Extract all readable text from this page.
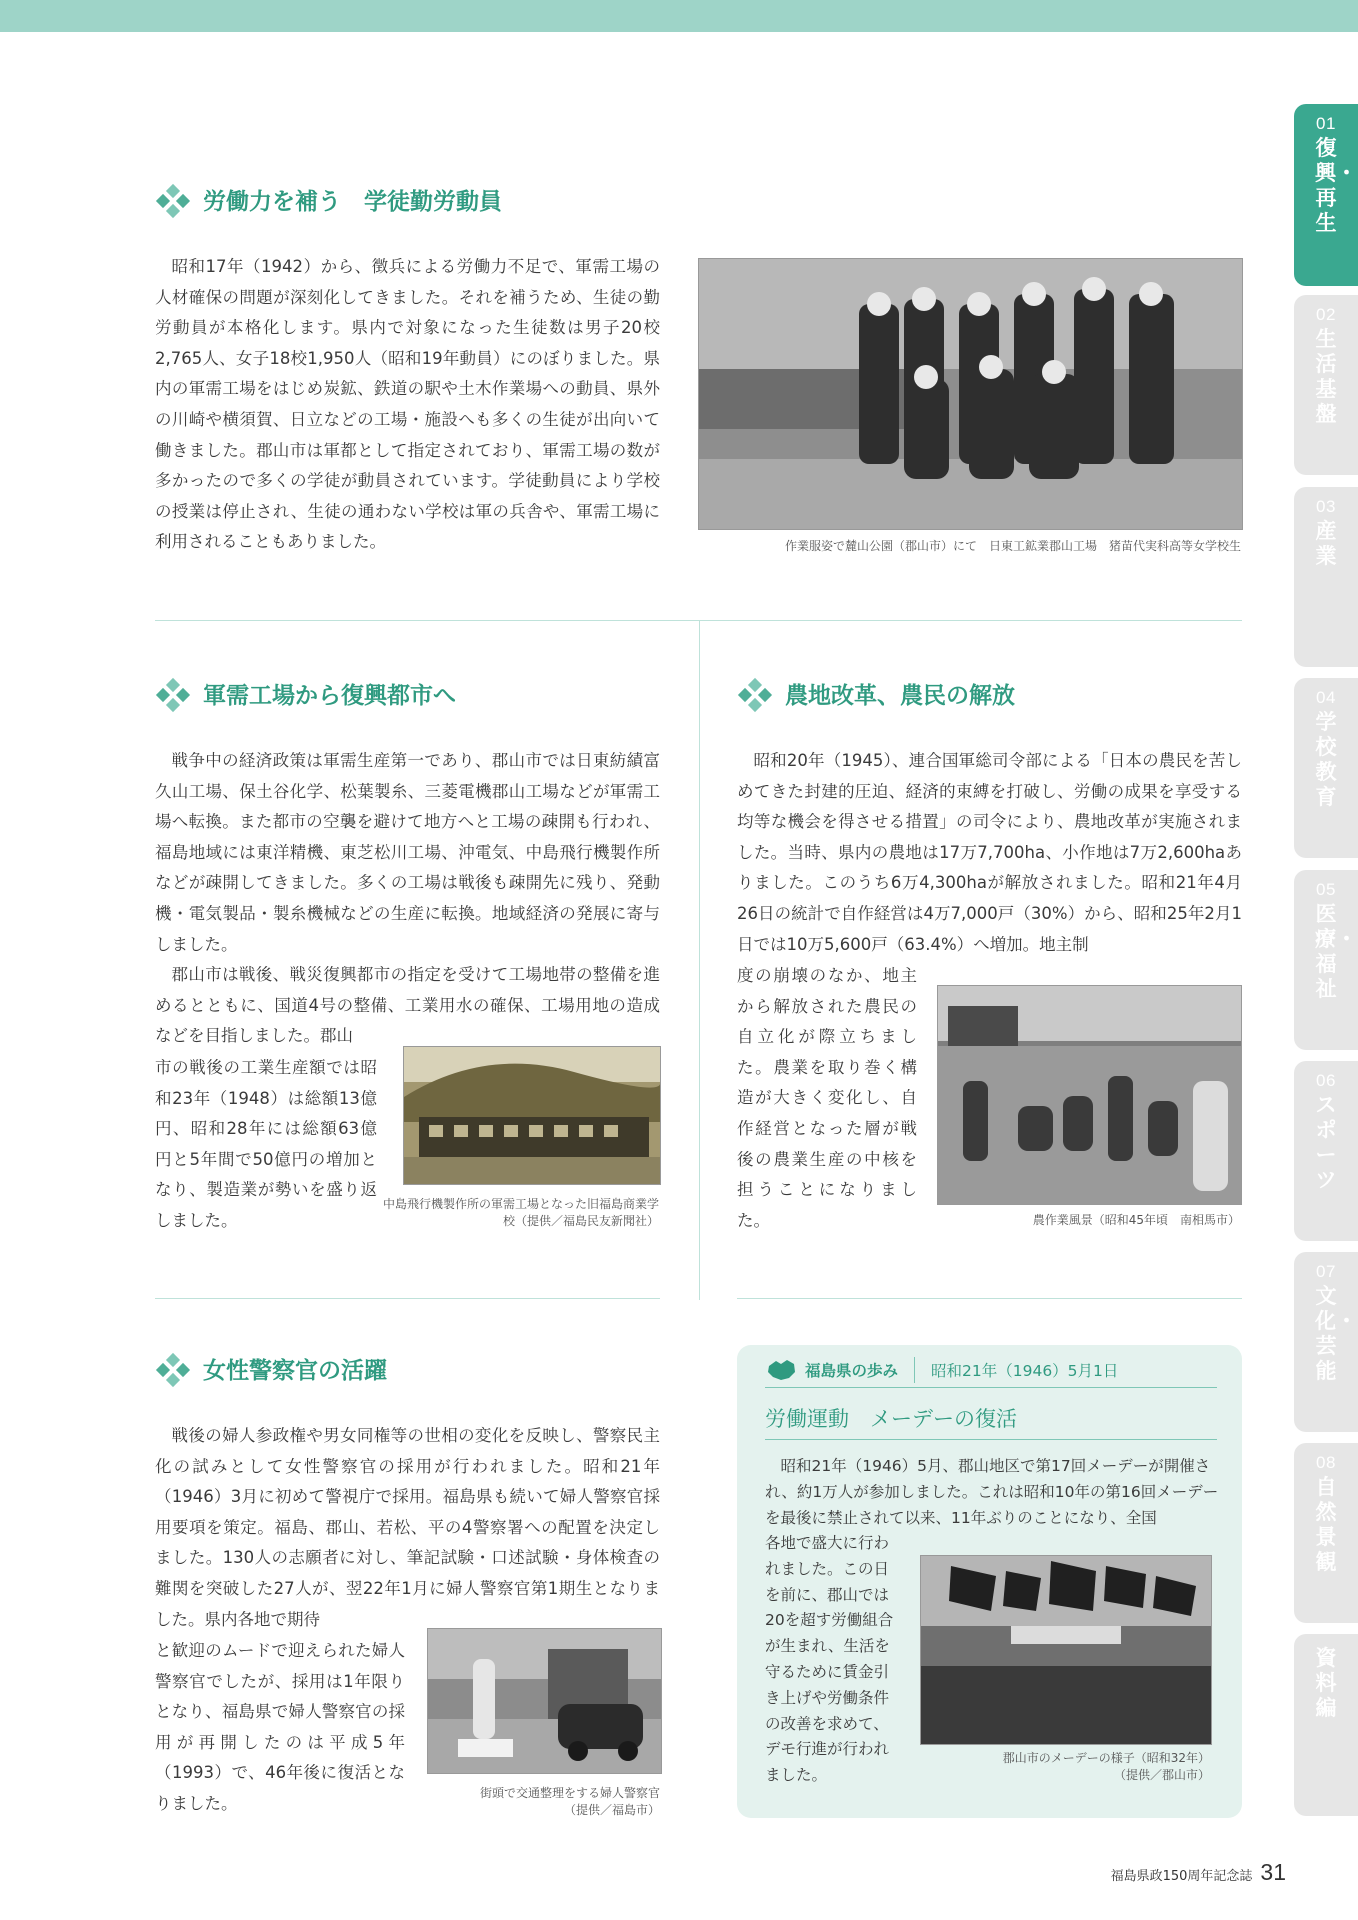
01
復興・再生
02
生活基盤
03
産　業
04
学校教育
05
医療・福祉
06
スポーツ
07
文化・芸能
08
自然景観
資料編
労働力を補う　学徒勤労動員

昭和17年（1942）から、徴兵による労働力不足で、軍需工場の人材確保の問題が深刻化してきました。それを補うため、生徒の勤労動員が本格化します。県内で対象になった生徒数は男子20校2,765人、女子18校1,950人（昭和19年動員）にのぼりました。県内の軍需工場をはじめ炭鉱、鉄道の駅や土木作業場への動員、県外の川崎や横須賀、日立などの工場・施設へも多くの生徒が出向いて働きました。郡山市は軍都として指定されており、軍需工場の数が多かったので多くの学徒が動員されています。学徒動員により学校の授業は停止され、生徒の通わない学校は軍の兵舎や、軍需工場に利用されることもありました。	作業服姿で麓山公園（郡山市）にて　日東工鉱業郡山工場　猪苗代実科高等女学校生
軍需工場から復興都市へ

戦争中の経済政策は軍需生産第一であり、郡山市では日東紡績富久山工場、保土谷化学、松葉製糸、三菱電機郡山工場などが軍需工場へ転換。また都市の空襲を避けて地方へと工場の疎開も行われ、福島地域には東洋精機、東芝松川工場、沖電気、中島飛行機製作所などが疎開してきました。多くの工場は戦後も疎開先に残り、発動機・電気製品・製糸機械などの生産に転換。地域経済の発展に寄与しました。

郡山市は戦後、戦災復興都市の指定を受けて工場地帯の整備を進めるとともに、国道4号の整備、工業用水の確保、工場用地の造成などを目指しました。郡山

市の戦後の工業生産額では昭和23年（1948）は総額13億円、昭和28年には総額63億円と5年間で50億円の増加となり、製造業が勢いを盛り返しました。

中島飛行機製作所の軍需工場となった旧福島商業学校（提供／福島民友新聞社）
農地改革、農民の解放

昭和20年（1945）、連合国軍総司令部による「日本の農民を苦しめてきた封建的圧迫、経済的束縛を打破し、労働の成果を享受する均等な機会を得させる措置」の司令により、農地改革が実施されました。当時、県内の農地は17万7,700ha、小作地は7万2,600haありました。このうち6万4,300haが解放されました。昭和21年4月26日の統計で自作経営は4万7,000戸（30%）から、昭和25年2月1日では10万5,600戸（63.4%）へ増加。地主制

度の崩壊のなか、地主から解放された農民の自立化が際立ちました。農業を取り巻く構造が大きく変化し、自作経営となった層が戦後の農業生産の中核を担うことになりました。	農作業風景（昭和45年頃　南相馬市）
女性警察官の活躍

戦後の婦人参政権や男女同権等の世相の変化を反映し、警察民主化の試みとして女性警察官の採用が行われました。昭和21年（1946）3月に初めて警視庁で採用。福島県も続いて婦人警察官採用要項を策定。福島、郡山、若松、平の4警察署への配置を決定しました。130人の志願者に対し、筆記試験・口述試験・身体検査の難関を突破した27人が、翌22年1月に婦人警察官第1期生となりました。県内各地で期待

と歓迎のムードで迎えられた婦人警察官でしたが、採用は1年限りとなり、福島県で婦人警察官の採用が再開したのは平成5年（1993）で、46年後に復活となりました。

街頭で交通整理をする婦人警察官
（提供／福島市）
福島県の歩み 昭和21年（1946）5月1日
労働運動　メーデーの復活

昭和21年（1946）5月、郡山地区で第17回メーデーが開催され、約1万人が参加しました。これは昭和10年の第16回メーデーを最後に禁止されて以来、11年ぶりのことになり、全国

各地で盛大に行われました。この日を前に、郡山では20を超す労働組合が生まれ、生活を守るために賃金引き上げや労働条件の改善を求めて、デモ行進が行われました。

郡山市のメーデーの様子（昭和32年）
（提供／郡山市）
福島県政150周年記念誌 31
